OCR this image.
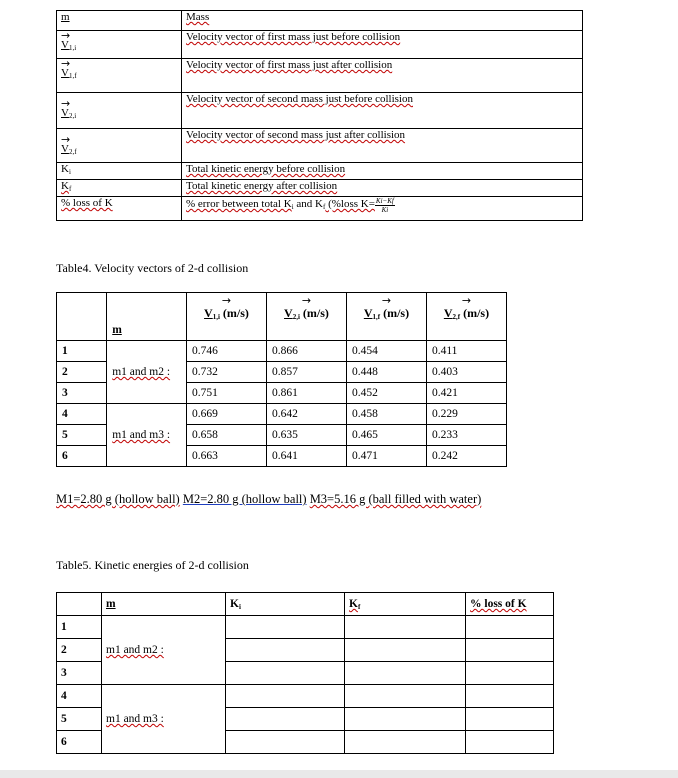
m	Mass

→
$V_{1,i}$	Velocity vector of first mass just before collision

→
$V_{1,f}$	Velocity vector of first mass just after collision

→
$V_{2,i}$	Velocity vector of second mass just before collision

→
$V_{2,f}$	Velocity vector of second mass just after collision
$K_i$	Total kinetic energy before collision
$K_f$	Total kinetic energy after collision
% loss of K	% error between total $K_i$ and $K_f$ (%loss $K= \frac{Ki-Kf}{Ki}$
Table4. Velocity vectors of 2-d collision
	m	→
$V_{1,i}$ (m/s)	→
$V_{2,i}$ (m/s)	→
$V_{1,f}$ (m/s)	→
$V_{2,f}$ (m/s)
1	m1 and m2 :	0.746	0.866	0.454	0.411
2		0.732	0.857	0.448	0.403
3		0.751	0.861	0.452	0.421
4	m1 and m3 :	0.669	0.642	0.458	0.229
5		0.658	0.635	0.465	0.233
6		0.663	0.641	0.471	0.242
M1=2.80 g (hollow ball) M2=2.80 g (hollow ball) M3=5.16 g (ball filled with water)
Table5. Kinetic energies of 2-d collision
	m	$K_i$	$K_f$	% loss of K
1	m1 and m2 :			
2				
3				
4	m1 and m3 :			
5				
6				
